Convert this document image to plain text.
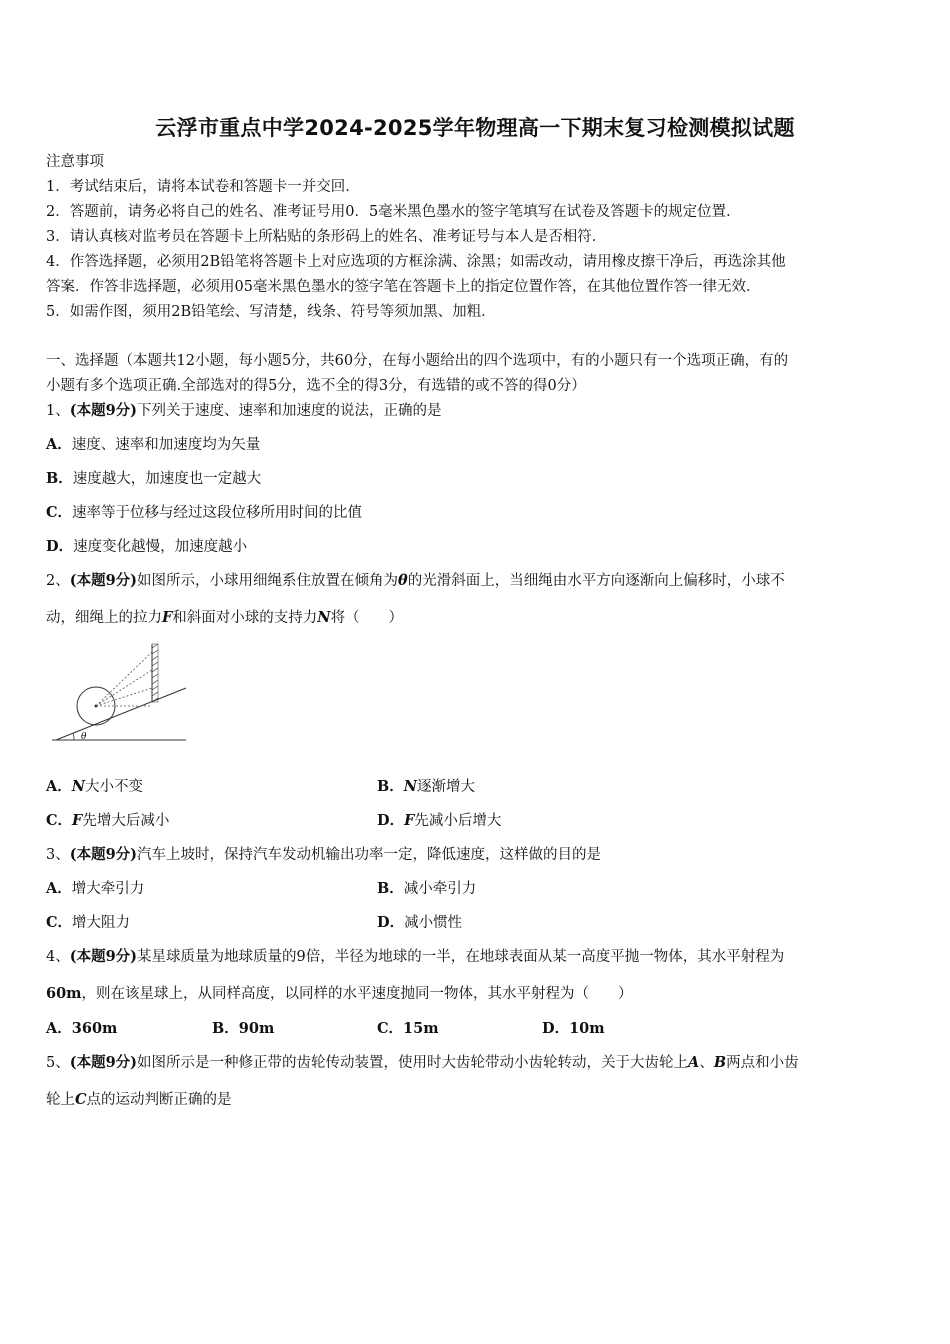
云浮市重点中学2024-2025学年物理高一下期末复习检测模拟试题
注意事项
1．考试结束后，请将本试卷和答题卡一并交回．
2．答题前，请务必将自己的姓名、准考证号用0．5毫米黑色墨水的签字笔填写在试卷及答题卡的规定位置．
3．请认真核对监考员在答题卡上所粘贴的条形码上的姓名、准考证号与本人是否相符．
4．作答选择题，必须用2B铅笔将答题卡上对应选项的方框涂满、涂黑；如需改动，请用橡皮擦干净后，再选涂其他
答案．作答非选择题，必须用05毫米黑色墨水的签字笔在答题卡上的指定位置作答，在其他位置作答一律无效．
5．如需作图，须用2B铅笔绘、写清楚，线条、符号等须加黑、加粗．
一、选择题（本题共12小题，每小题5分，共60分，在每小题给出的四个选项中，有的小题只有一个选项正确，有的
小题有多个选项正确.全部选对的得5分，选不全的得3分，有选错的或不答的得0分）
1、(本题9分)下列关于速度、速率和加速度的说法，正确的是
A．速度、速率和加速度均为矢量
B．速度越大，加速度也一定越大
C．速率等于位移与经过这段位移所用时间的比值
D．速度变化越慢，加速度越小
2、(本题9分)如图所示，小球用细绳系住放置在倾角为θ的光滑斜面上，当细绳由水平方向逐渐向上偏移时，小球不
动，细绳上的拉力F和斜面对小球的支持力N将（　　）
θ
A．N大小不变	B．N逐渐增大
C．F先增大后减小	D．F先减小后增大
3、(本题9分)汽车上坡时，保持汽车发动机输出功率一定，降低速度，这样做的目的是
A．增大牵引力	B．减小牵引力
C．增大阻力	D．减小惯性
4、(本题9分)某星球质量为地球质量的9倍，半径为地球的一半，在地球表面从某一高度平抛一物体，其水平射程为
60m，则在该星球上，从同样高度，以同样的水平速度抛同一物体，其水平射程为（　　）
A．360m	B．90m	C．15m	D．10m
5、(本题9分)如图所示是一种修正带的齿轮传动装置，使用时大齿轮带动小齿轮转动，关于大齿轮上A、B两点和小齿
轮上C点的运动判断正确的是
